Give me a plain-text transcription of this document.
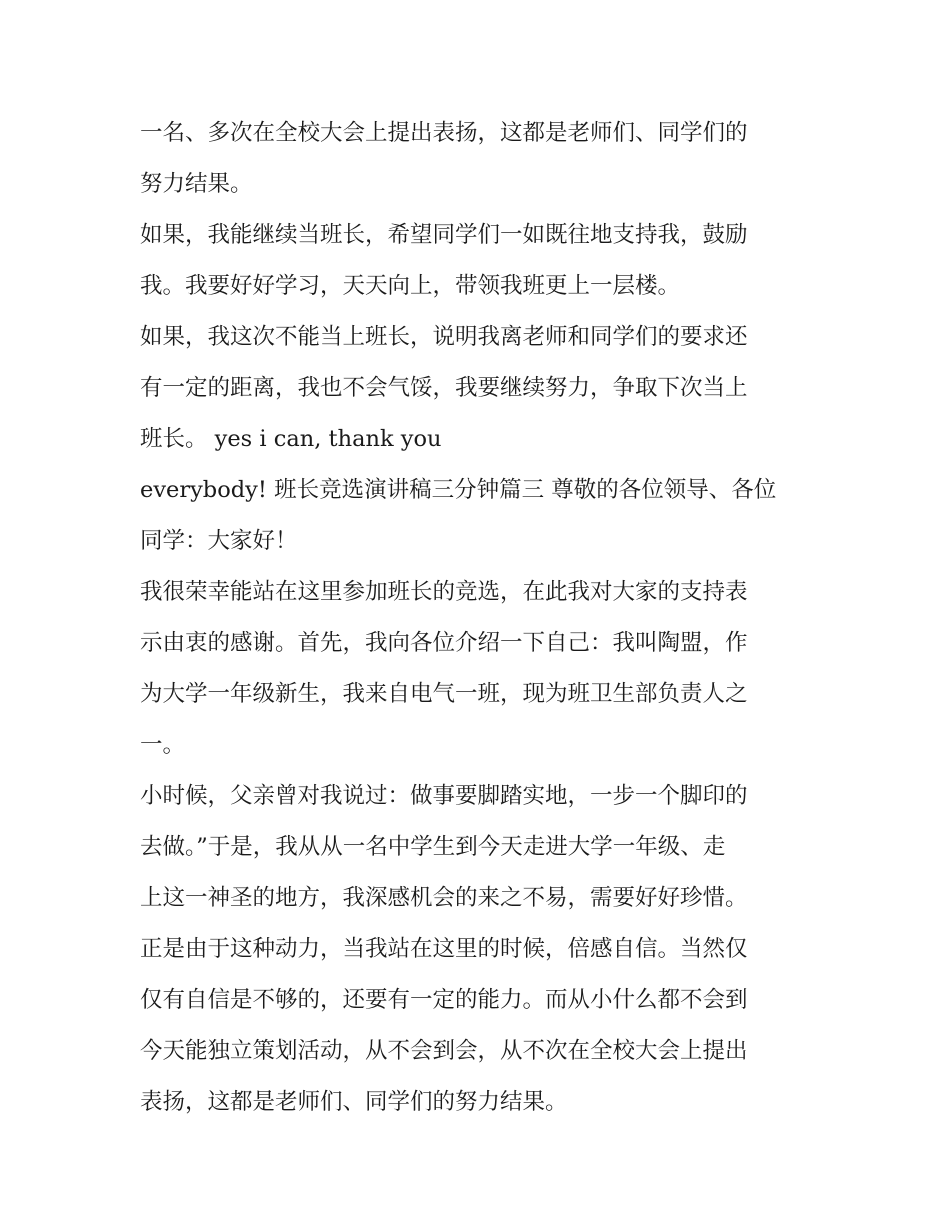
一名、多次在全校大会上提出表扬，这都是老师们、同学们的
努力结果。
如果，我能继续当班长，希望同学们一如既往地支持我，鼓励
我。我要好好学习，天天向上，带领我班更上一层楼。
如果，我这次不能当上班长，说明我离老师和同学们的要求还
有一定的距离，我也不会气馁，我要继续努力，争取下次当上
班长。 yes i can, thank you
everybody! 班长竞选演讲稿三分钟篇三 尊敬的各位领导、各位
同学：大家好！
我很荣幸能站在这里参加班长的竞选，在此我对大家的支持表
示由衷的感谢。首先，我向各位介绍一下自己：我叫陶盟，作
为大学一年级新生，我来自电气一班，现为班卫生部负责人之
一。
小时候，父亲曾对我说过：做事要脚踏实地，一步一个脚印的
去做。”于是，我从从一名中学生到今天走进大学一年级、走
上这一神圣的地方，我深感机会的来之不易，需要好好珍惜。
正是由于这种动力，当我站在这里的时候，倍感自信。当然仅
仅有自信是不够的，还要有一定的能力。而从小什么都不会到
今天能独立策划活动，从不会到会，从不次在全校大会上提出
表扬，这都是老师们、同学们的努力结果。
